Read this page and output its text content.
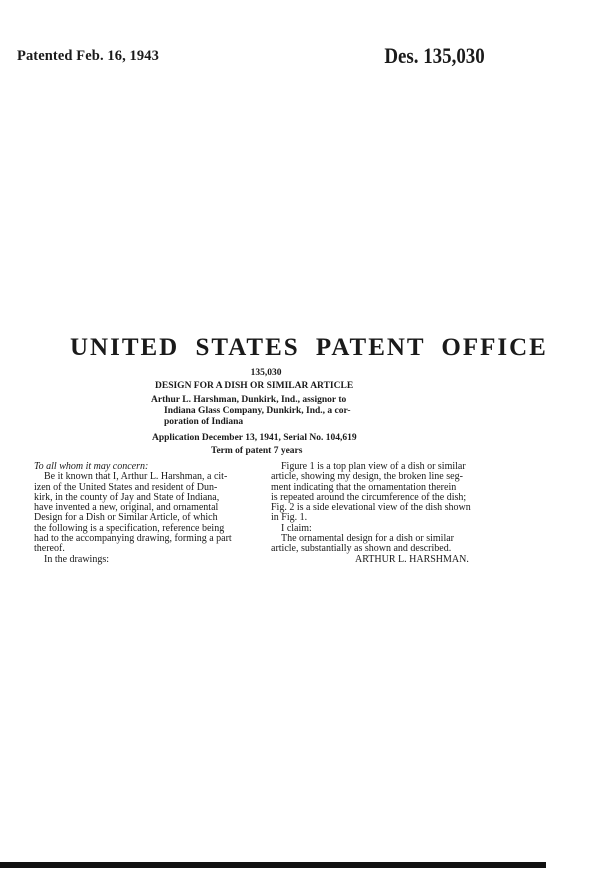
Patented Feb. 16, 1943	Des. 135,030
UNITED STATES PATENT OFFICE
135,030
DESIGN FOR A DISH OR SIMILAR ARTICLE
Arthur L. Harshman, Dunkirk, Ind., assignor to
Indiana Glass Company, Dunkirk, Ind., a cor-
poration of Indiana
Application December 13, 1941, Serial No. 104,619
Term of patent 7 years
To all whom it may concern:
Be it known that I, Arthur L. Harshman, a cit-
izen of the United States and resident of Dun-
kirk, in the county of Jay and State of Indiana,
have invented a new, original, and ornamental
Design for a Dish or Similar Article, of which
the following is a specification, reference being
had to the accompanying drawing, forming a part
thereof.
In the drawings:
Figure 1 is a top plan view of a dish or similar
article, showing my design, the broken line seg-
ment indicating that the ornamentation therein
is repeated around the circumference of the dish;
Fig. 2 is a side elevational view of the dish shown
in Fig. 1.
I claim:
The ornamental design for a dish or similar
article, substantially as shown and described.
ARTHUR L. HARSHMAN.
